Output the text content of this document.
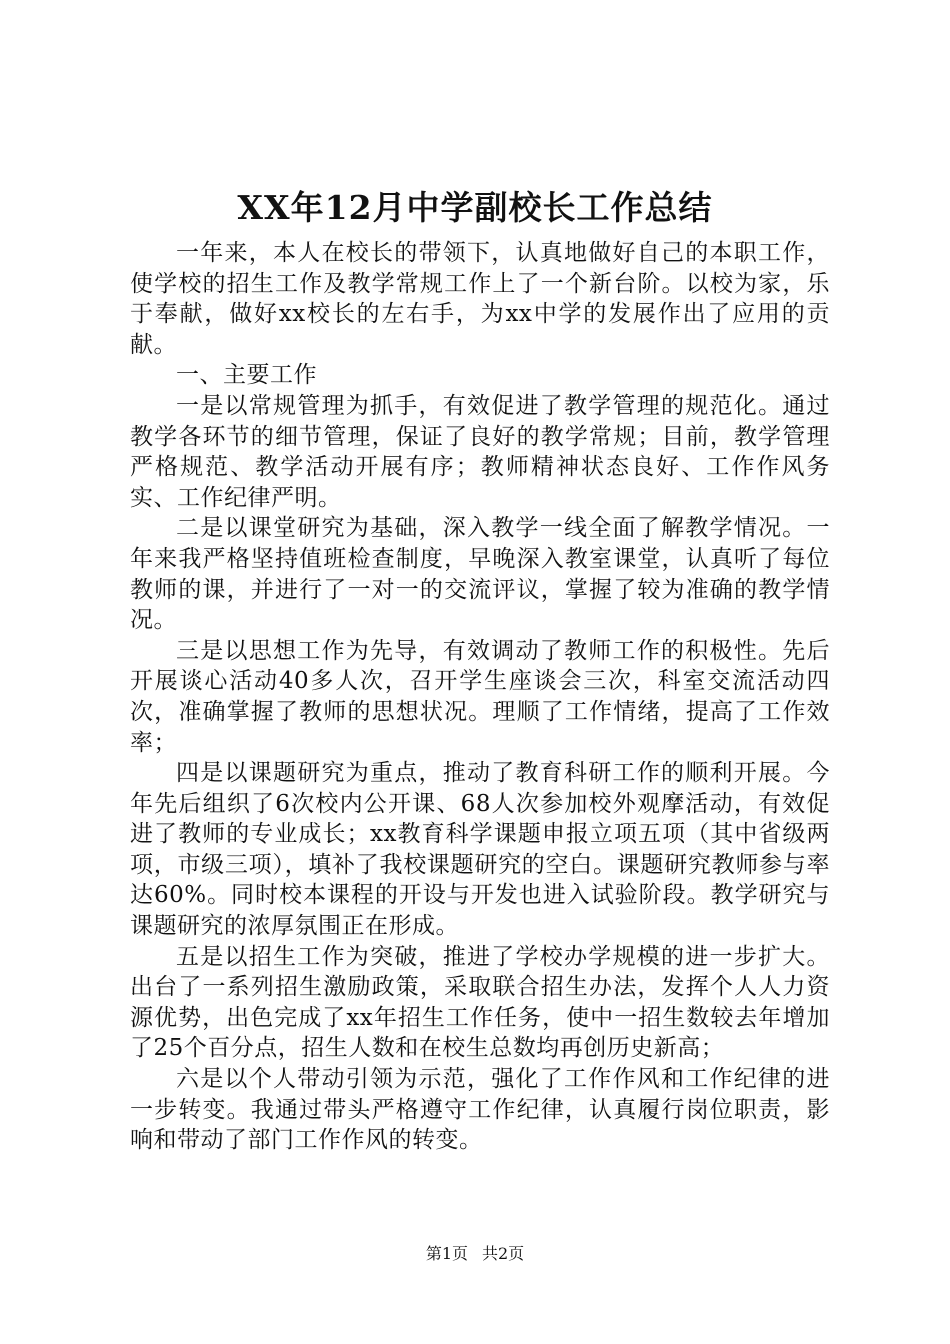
XX年12月中学副校长工作总结

一年来，本人在校长的带领下，认真地做好自己的本职工作，使学校的招生工作及教学常规工作上了一个新台阶。以校为家，乐于奉献，做好xx校长的左右手，为xx中学的发展作出了应用的贡献。

一、主要工作

一是以常规管理为抓手，有效促进了教学管理的规范化。通过教学各环节的细节管理，保证了良好的教学常规；目前，教学管理严格规范、教学活动开展有序；教师精神状态良好、工作作风务实、工作纪律严明。

二是以课堂研究为基础，深入教学一线全面了解教学情况。一年来我严格坚持值班检查制度，早晚深入教室课堂，认真听了每位教师的课，并进行了一对一的交流评议，掌握了较为准确的教学情况。

三是以思想工作为先导，有效调动了教师工作的积极性。先后开展谈心活动40多人次，召开学生座谈会三次，科室交流活动四次，准确掌握了教师的思想状况。理顺了工作情绪，提高了工作效率；

四是以课题研究为重点，推动了教育科研工作的顺利开展。今年先后组织了6次校内公开课、68人次参加校外观摩活动，有效促进了教师的专业成长；xx教育科学课题申报立项五项（其中省级两项，市级三项），填补了我校课题研究的空白。课题研究教师参与率达60%。同时校本课程的开设与开发也进入试验阶段。教学研究与课题研究的浓厚氛围正在形成。

五是以招生工作为突破，推进了学校办学规模的进一步扩大。出台了一系列招生激励政策，采取联合招生办法，发挥个人人力资源优势，出色完成了xx年招生工作任务，使中一招生数较去年增加了25个百分点，招生人数和在校生总数均再创历史新高；

六是以个人带动引领为示范，强化了工作作风和工作纪律的进一步转变。我通过带头严格遵守工作纪律，认真履行岗位职责，影响和带动了部门工作作风的转变。

第1页 共2页
